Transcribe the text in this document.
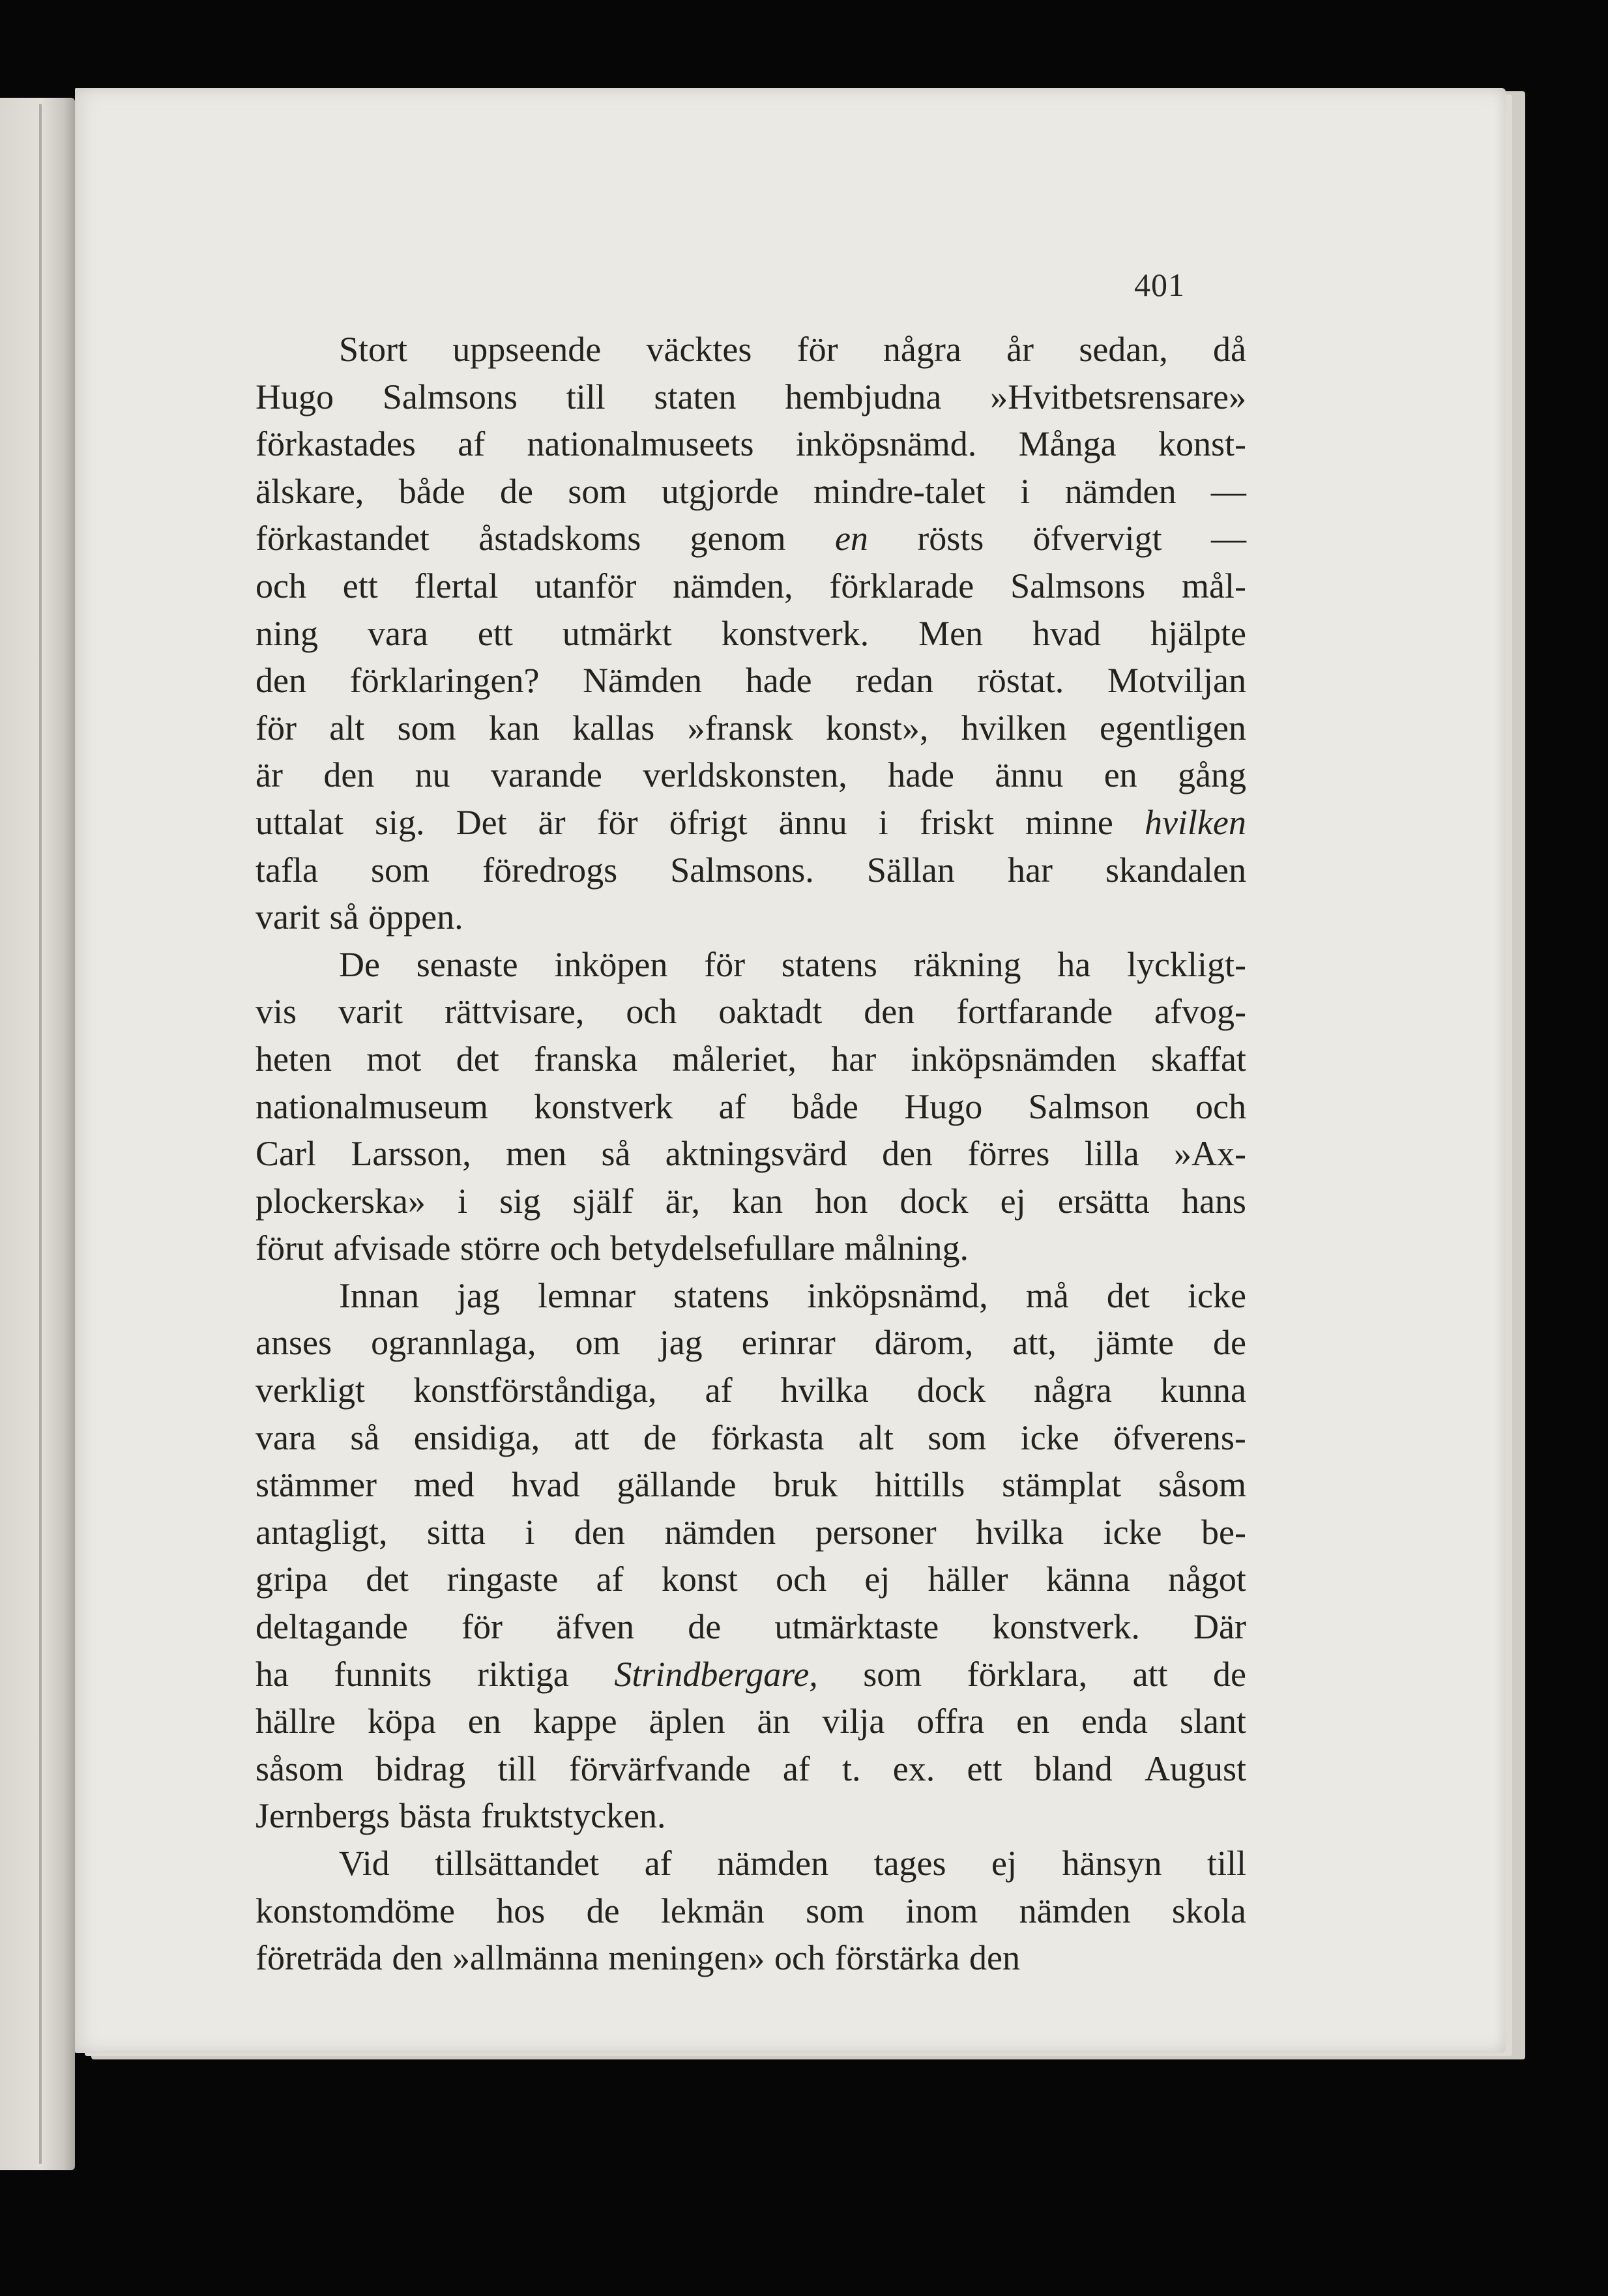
401
Stort uppseende väcktes för några år sedan, då
Hugo Salmsons till staten hembjudna »Hvitbetsrensare»
förkastades af nationalmuseets inköpsnämd. Många konst-
älskare, både de som utgjorde mindre-talet i nämden —
förkastandet åstadskoms genom en rösts öfvervigt —
och ett flertal utanför nämden, förklarade Salmsons mål-
ning vara ett utmärkt konstverk. Men hvad hjälpte
den förklaringen? Nämden hade redan röstat. Motviljan
för alt som kan kallas »fransk konst», hvilken egentligen
är den nu varande verldskonsten, hade ännu en gång
uttalat sig. Det är för öfrigt ännu i friskt minne hvilken
tafla som föredrogs Salmsons. Sällan har skandalen
varit så öppen.
De senaste inköpen för statens räkning ha lyckligt-
vis varit rättvisare, och oaktadt den fortfarande afvog-
heten mot det franska måleriet, har inköpsnämden skaffat
nationalmuseum konstverk af både Hugo Salmson och
Carl Larsson, men så aktningsvärd den förres lilla »Ax-
plockerska» i sig själf är, kan hon dock ej ersätta hans
förut afvisade större och betydelsefullare målning.
Innan jag lemnar statens inköpsnämd, må det icke
anses ogrannlaga, om jag erinrar därom, att, jämte de
verkligt konstförståndiga, af hvilka dock några kunna
vara så ensidiga, att de förkasta alt som icke öfverens-
stämmer med hvad gällande bruk hittills stämplat såsom
antagligt, sitta i den nämden personer hvilka icke be-
gripa det ringaste af konst och ej häller känna något
deltagande för äfven de utmärktaste konstverk. Där
ha funnits riktiga Strindbergare, som förklara, att de
hällre köpa en kappe äplen än vilja offra en enda slant
såsom bidrag till förvärfvande af t. ex. ett bland August
Jernbergs bästa fruktstycken.
Vid tillsättandet af nämden tages ej hänsyn till
konstomdöme hos de lekmän som inom nämden skola
företräda den »allmänna meningen» och förstärka den
